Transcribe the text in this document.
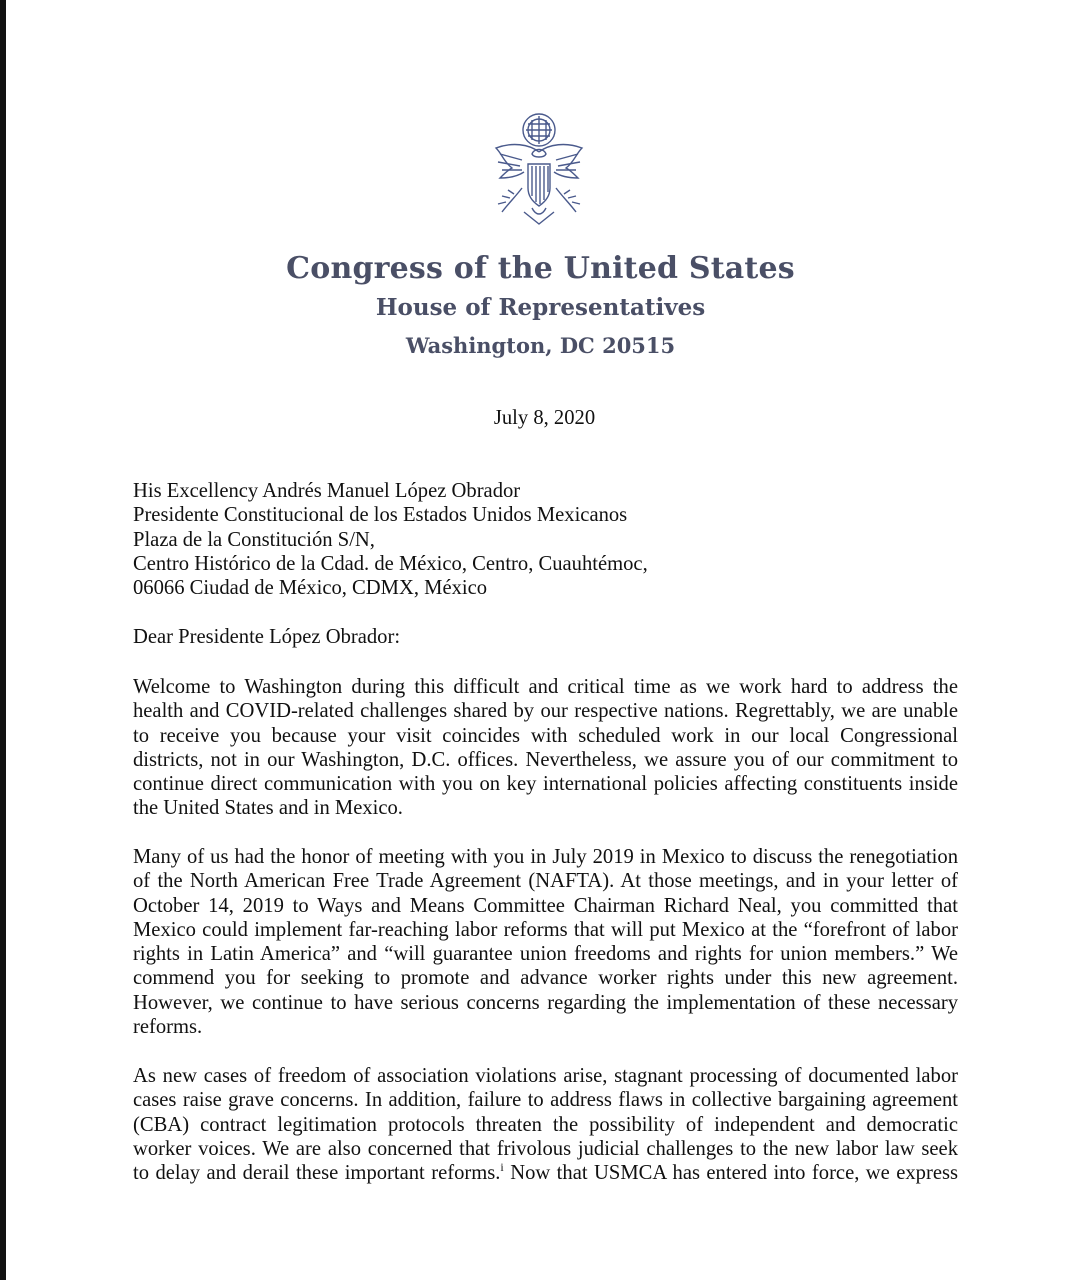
Congress of the United States
House of Representatives
Washington, DC 20515
July 8, 2020
His Excellency Andrés Manuel López Obrador
Presidente Constitucional de los Estados Unidos Mexicanos
Plaza de la Constitución S/N,
Centro Histórico de la Cdad. de México, Centro, Cuauhtémoc,
06066 Ciudad de México, CDMX, México
Dear Presidente López Obrador:
Welcome to Washington during this difficult and critical time as we work hard to address the
health and COVID-related challenges shared by our respective nations. Regrettably, we are unable
to receive you because your visit coincides with scheduled work in our local Congressional
districts, not in our Washington, D.C. offices. Nevertheless, we assure you of our commitment to
continue direct communication with you on key international policies affecting constituents inside
the United States and in Mexico.
Many of us had the honor of meeting with you in July 2019 in Mexico to discuss the renegotiation
of the North American Free Trade Agreement (NAFTA). At those meetings, and in your letter of
October 14, 2019 to Ways and Means Committee Chairman Richard Neal, you committed that
Mexico could implement far-reaching labor reforms that will put Mexico at the “forefront of labor
rights in Latin America” and “will guarantee union freedoms and rights for union members.” We
commend you for seeking to promote and advance worker rights under this new agreement.
However, we continue to have serious concerns regarding the implementation of these necessary
reforms.
As new cases of freedom of association violations arise, stagnant processing of documented labor
cases raise grave concerns. In addition, failure to address flaws in collective bargaining agreement
(CBA) contract legitimation protocols threaten the possibility of independent and democratic
worker voices. We are also concerned that frivolous judicial challenges to the new labor law seek
to delay and derail these important reforms.$^i$ Now that USMCA has entered into force, we express
